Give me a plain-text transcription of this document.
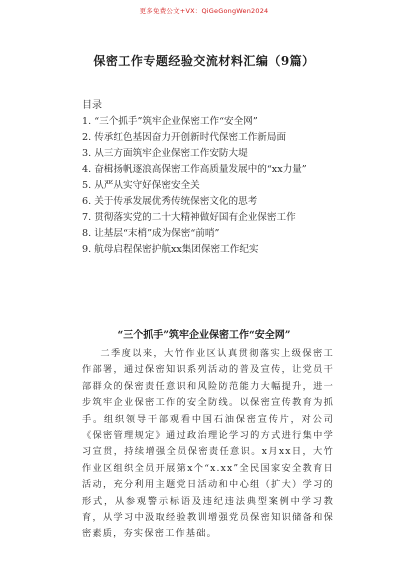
更多免费公文+VX：QiGeGongWen2024
保密工作专题经验交流材料汇编（9篇）
目录
1. “三个抓手”筑牢企业保密工作“安全网”
2. 传承红色基因奋力开创新时代保密工作新局面
3. 从三方面筑牢企业保密工作安防大堤
4. 奋楫扬帆逐浪高保密工作高质量发展中的“xx力量”
5. 从严从实守好保密安全关
6. 关于传承发展优秀传统保密文化的思考
7. 贯彻落实党的二十大精神做好国有企业保密工作
8. 让基层“末梢”成为保密“前哨”
9. 航母启程保密护航xx集团保密工作纪实
“三个抓手”筑牢企业保密工作“安全网”

二季度以来，大竹作业区认真贯彻落实上级保密工作部署，通过保密知识系列活动的普及宣传，让党员干部群众的保密责任意识和风险防范能力大幅提升，进一步筑牢企业保密工作的安全防线。以保密宣传教育为抓手。组织领导干部观看中国石油保密宣传片，对公司《保密管理规定》通过政治理论学习的方式进行集中学习宣贯，持续增强全员保密责任意识。x月xx日，大竹作业区组织全员开展第x个“x.xx”全民国家安全教育日活动，充分利用主题党日活动和中心组（扩大）学习的形式，从参观警示标语及违纪违法典型案例中学习教育，从学习中汲取经验教训增强党员保密知识储备和保密素质，夯实保密工作基础。
